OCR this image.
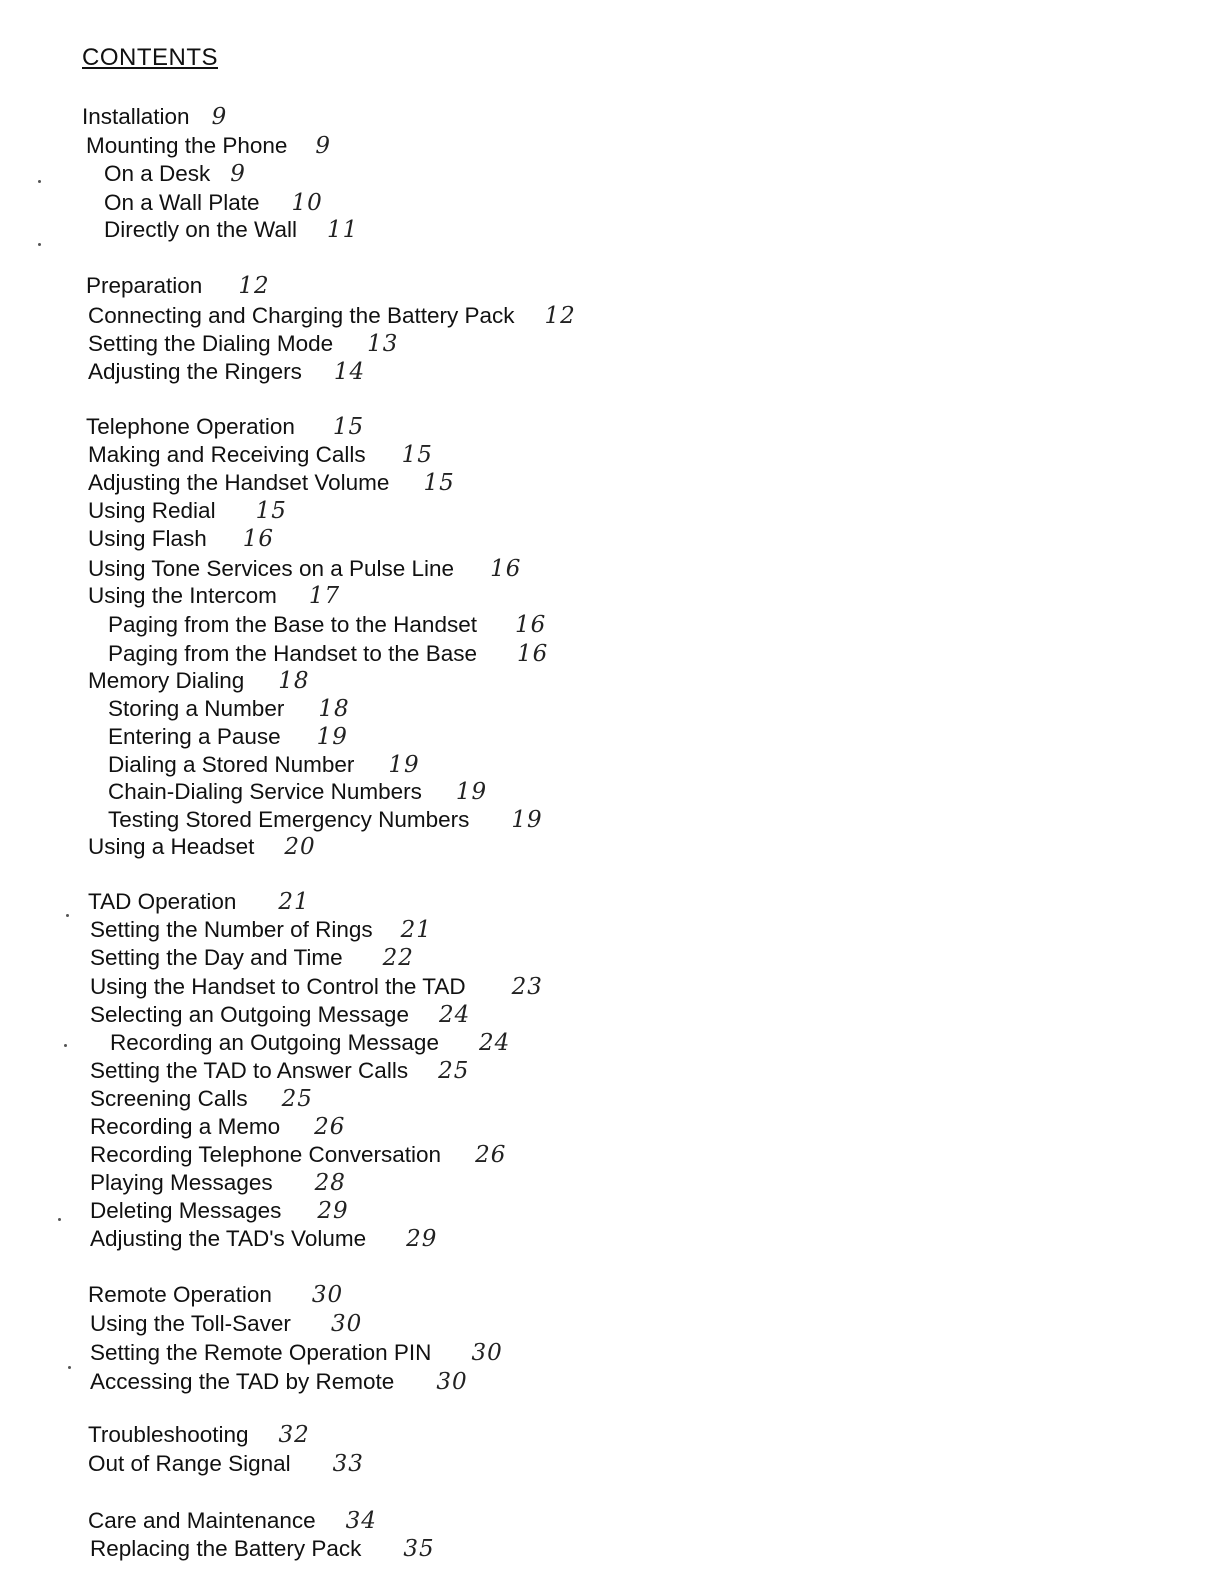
CONTENTS
Installation 9
Mounting the Phone 9
On a Desk 9
On a Wall Plate 10
Directly on the Wall 11
Preparation 12
Connecting and Charging the Battery Pack 12
Setting the Dialing Mode 13
Adjusting the Ringers 14
Telephone Operation 15
Making and Receiving Calls 15
Adjusting the Handset Volume 15
Using Redial 15
Using Flash 16
Using Tone Services on a Pulse Line 16
Using the Intercom 17
Paging from the Base to the Handset 16
Paging from the Handset to the Base 16
Memory Dialing 18
Storing a Number 18
Entering a Pause 19
Dialing a Stored Number 19
Chain-Dialing Service Numbers 19
Testing Stored Emergency Numbers 19
Using a Headset 20
TAD Operation 21
Setting the Number of Rings 21
Setting the Day and Time 22
Using the Handset to Control the TAD 23
Selecting an Outgoing Message 24
Recording an Outgoing Message 24
Setting the TAD to Answer Calls 25
Screening Calls 25
Recording a Memo 26
Recording Telephone Conversation 26
Playing Messages 28
Deleting Messages 29
Adjusting the TAD's Volume 29
Remote Operation 30
Using the Toll-Saver 30
Setting the Remote Operation PIN 30
Accessing the TAD by Remote 30
Troubleshooting 32
Out of Range Signal 33
Care and Maintenance 34
Replacing the Battery Pack 35
